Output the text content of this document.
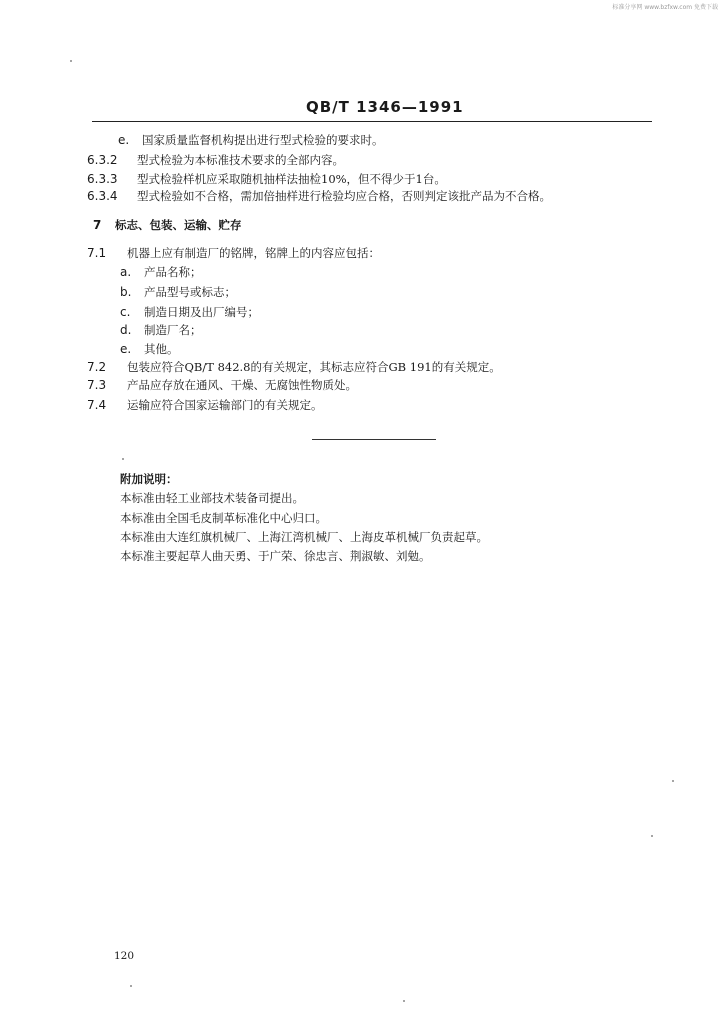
标准分享网 www.bzfxw.com 免费下载
QB/T 1346—1991
e. 国家质量监督机构提出进行型式检验的要求时。
6.3.2 型式检验为本标准技术要求的全部内容。
6.3.3 型式检验样机应采取随机抽样法抽检10%，但不得少于1台。
6.3.4 型式检验如不合格，需加倍抽样进行检验均应合格，否则判定该批产品为不合格。
7 标志、包装、运输、贮存
7.1 机器上应有制造厂的铭牌，铭牌上的内容应包括：
a. 产品名称；
b. 产品型号或标志；
c. 制造日期及出厂编号；
d. 制造厂名；
e. 其他。
7.2 包装应符合QB/T 842.8的有关规定，其标志应符合GB 191的有关规定。
7.3 产品应存放在通风、干燥、无腐蚀性物质处。
7.4 运输应符合国家运输部门的有关规定。
附加说明：
本标准由轻工业部技术装备司提出。
本标准由全国毛皮制革标准化中心归口。
本标准由大连红旗机械厂、上海江湾机械厂、上海皮革机械厂负责起草。
本标准主要起草人曲天勇、于广荣、徐忠言、荆淑敏、刘勉。
120
